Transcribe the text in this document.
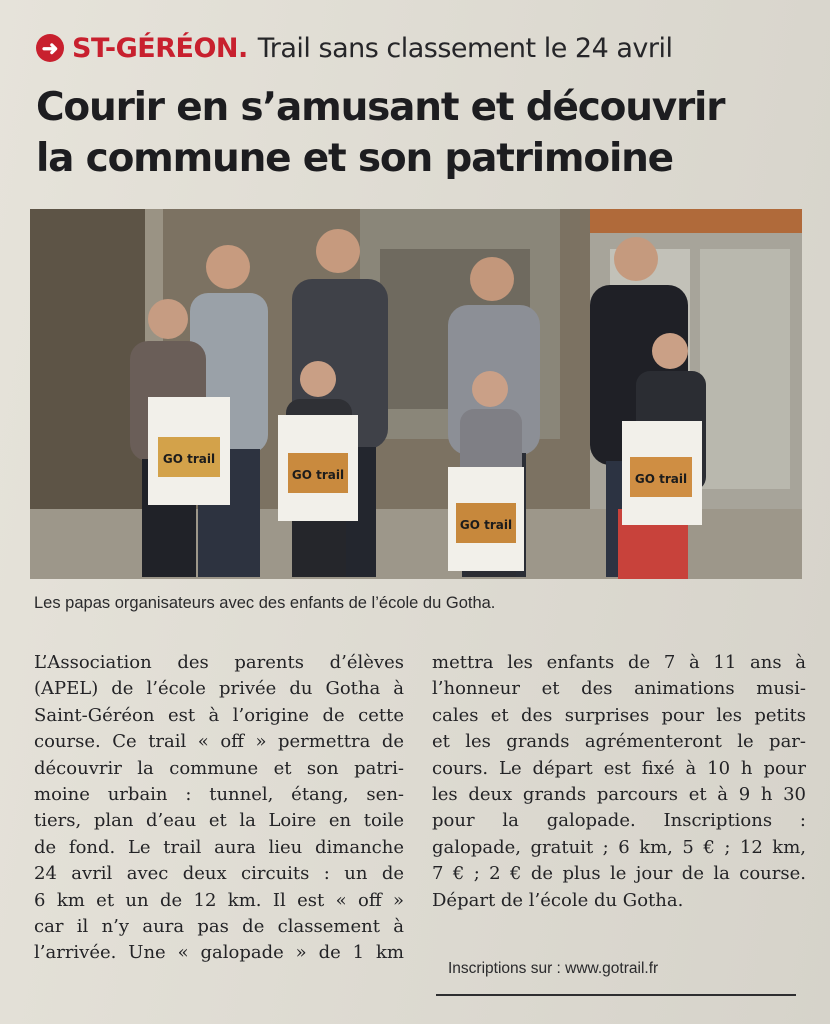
➜ ST-GÉRÉON. Trail sans classement le 24 avril
Courir en s’amusant et découvrir
la commune et son patrimoine
GO trail
GO trail
GO trail
GO trail
Les papas organisateurs avec des enfants de l’école du Gotha.
L’Association des parents d’élèves
(APEL) de l’école privée du Gotha à
Saint-Géréon est à l’origine de cette
course. Ce trail « off » permettra de
découvrir la commune et son patri-
moine urbain : tunnel, étang, sen-
tiers, plan d’eau et la Loire en toile
de fond. Le trail aura lieu dimanche
24 avril avec deux circuits : un de
6 km et un de 12 km. Il est « off »
car il n’y aura pas de classement à
l’arrivée. Une « galopade » de 1 km
mettra les enfants de 7 à 11 ans à
l’honneur et des animations musi-
cales et des surprises pour les petits
et les grands agrémenteront le par-
cours. Le départ est fixé à 10 h pour
les deux grands parcours et à 9 h 30
pour la galopade. Inscriptions :
galopade, gratuit ; 6 km, 5 € ; 12 km,
7 € ; 2 € de plus le jour de la course.
Départ de l’école du Gotha.
Inscriptions sur : www.gotrail.fr
